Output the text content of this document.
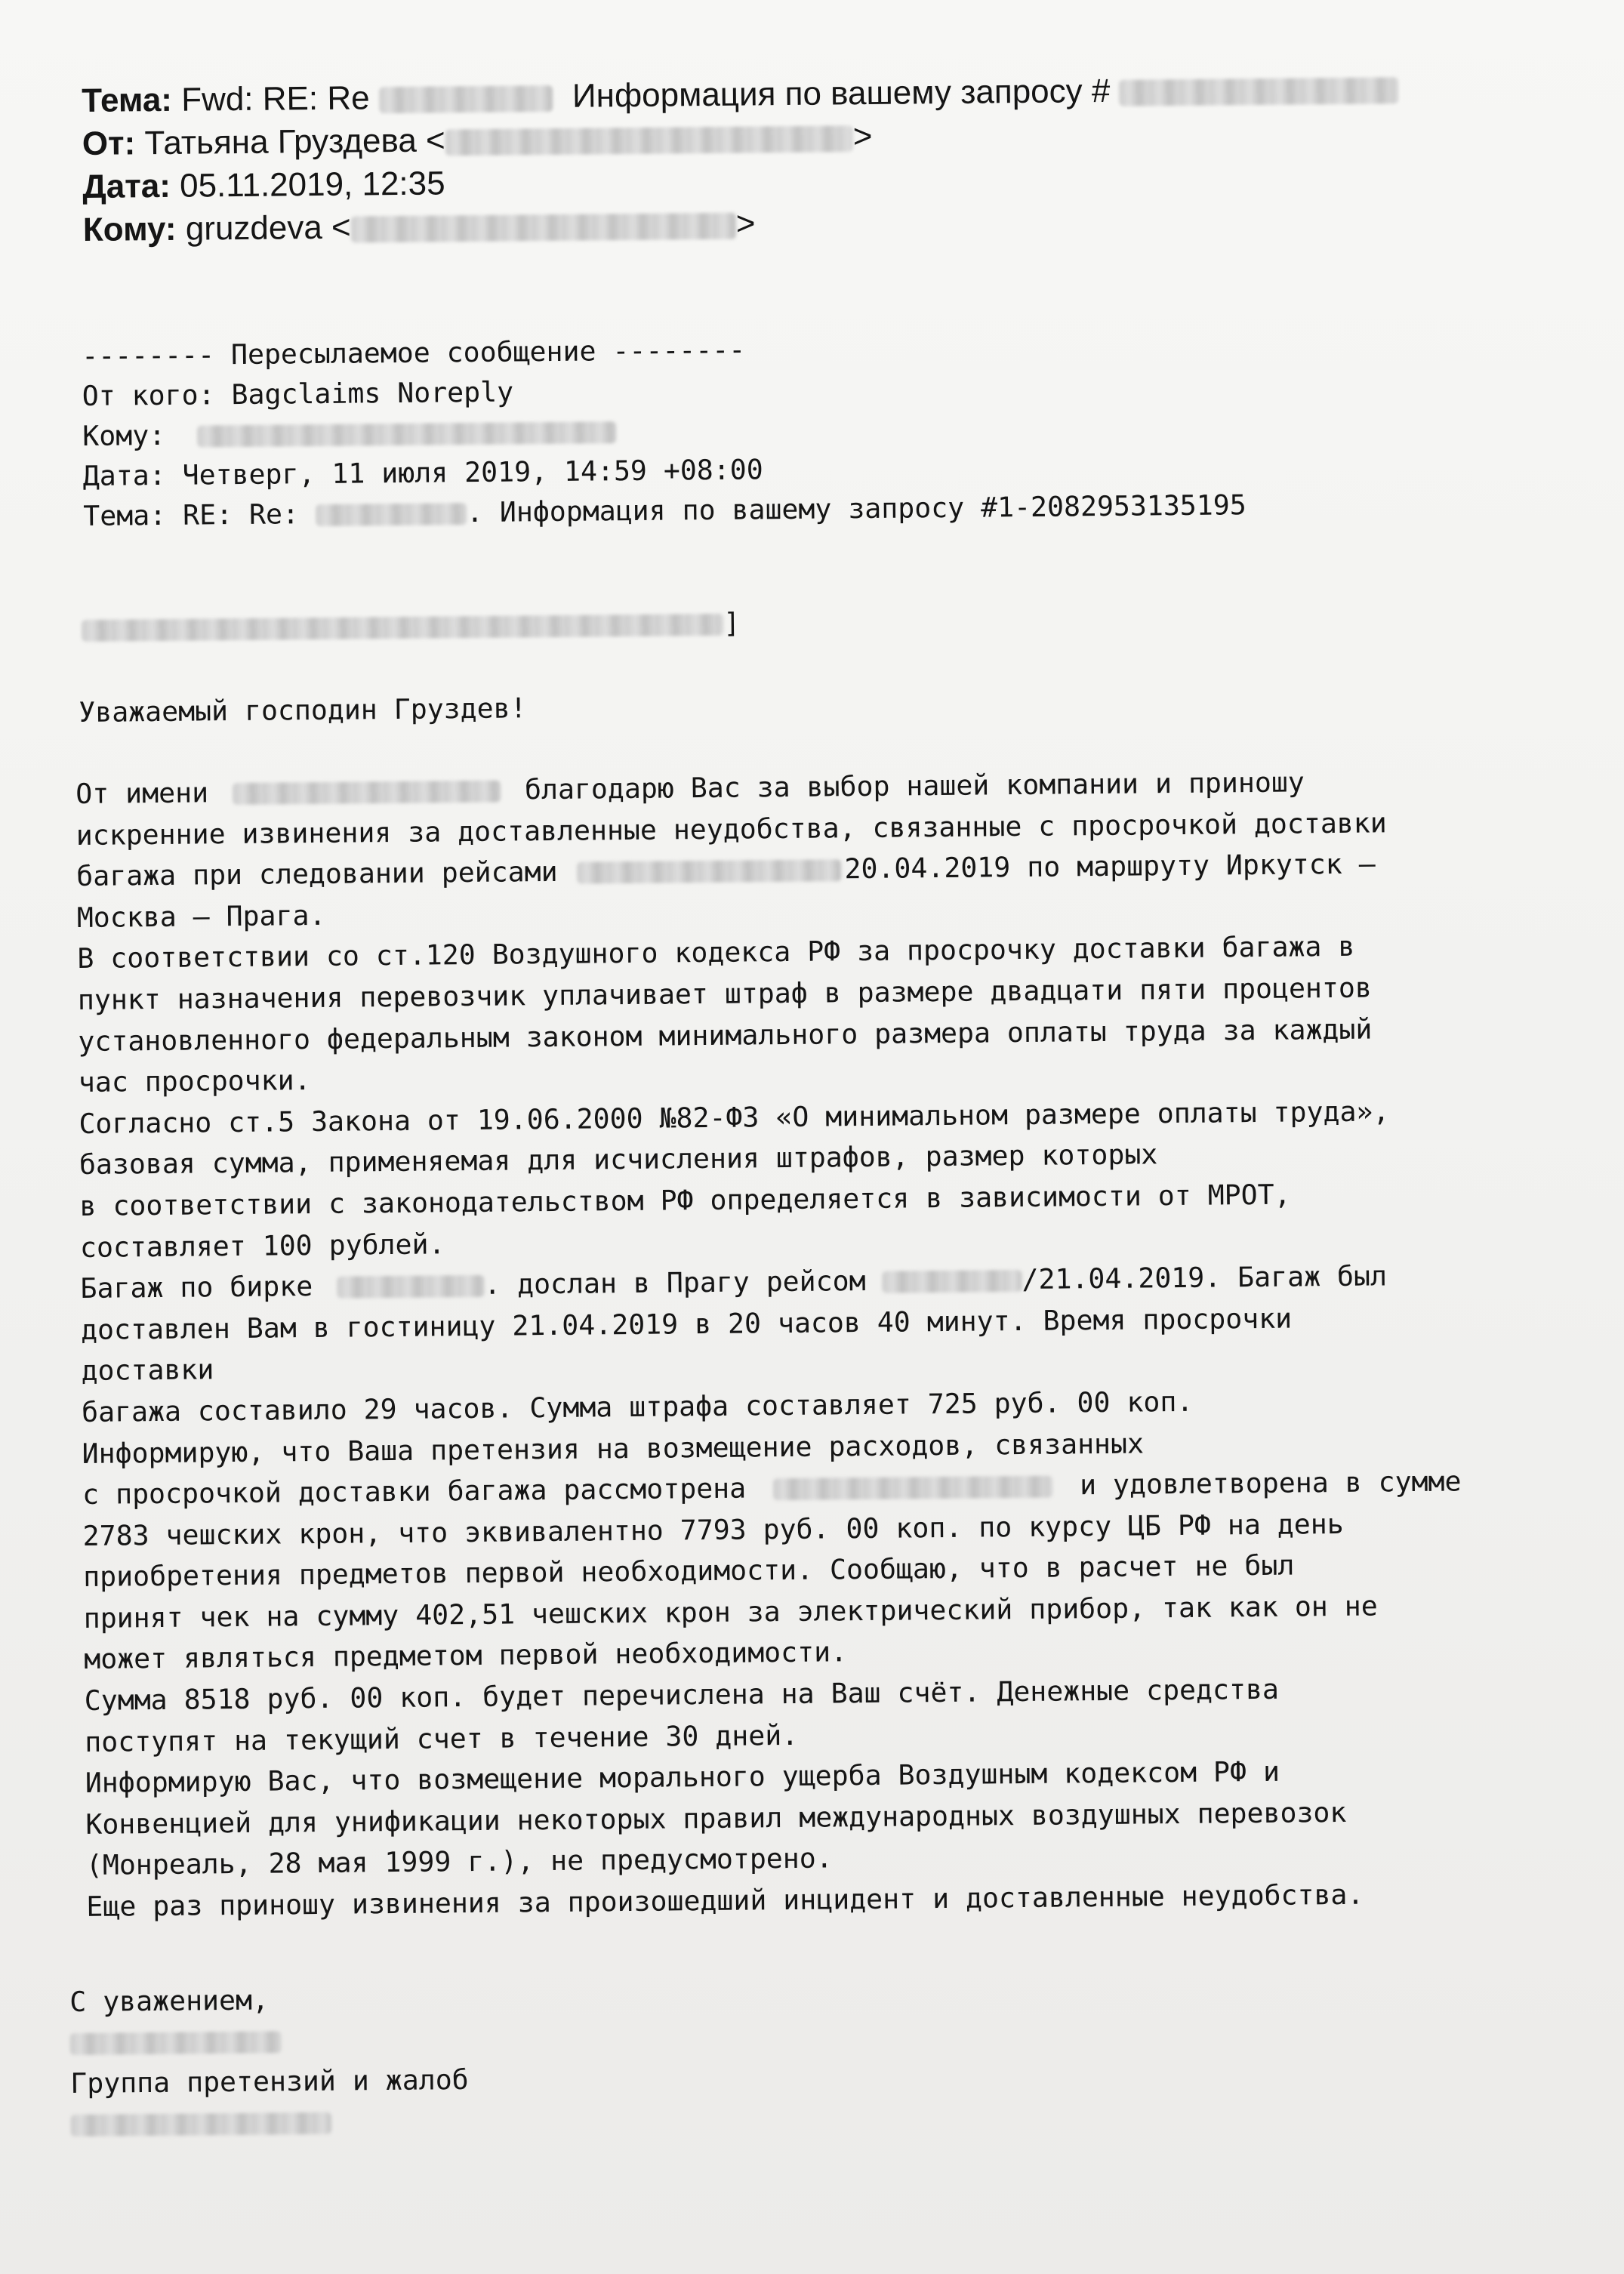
Тема: Fwd: RE: Re	Информация по вашему запросу #
От: Татьяна Груздева <	>
Дата: 05.11.2019, 12:35
Кому: gruzdeva <	>
-------- Пересылаемое сообщение --------
От кого: Bagclaims Noreply
Кому:
Дата: Четверг, 11 июля 2019, 14:59 +08:00
Тема: RE: Re:	. Информация по вашему запросу #1-2082953135195
]
Уважаемый господин Груздев!
От имени	благодарю Вас за выбор нашей компании и приношу
искренние извинения за доставленные неудобства, связанные с просрочкой доставки
багажа при следовании рейсами	20.04.2019 по маршруту Иркутск –
Москва – Прага.
В соответствии со ст.120 Воздушного кодекса РФ за просрочку доставки багажа в
пункт назначения перевозчик уплачивает штраф в размере двадцати пяти процентов
установленного федеральным законом минимального размера оплаты труда за каждый
час просрочки.
Согласно ст.5 Закона от 19.06.2000 №82-ФЗ «О минимальном размере оплаты труда»,
базовая сумма, применяемая для исчисления штрафов, размер которых
в соответствии с законодательством РФ определяется в зависимости от МРОТ,
составляет 100 рублей.
Багаж по бирке	. дослан в Прагу рейсом	/21.04.2019. Багаж был
доставлен Вам в гостиницу 21.04.2019 в 20 часов 40 минут. Время просрочки
доставки
багажа составило 29 часов. Сумма штрафа составляет 725 руб. 00 коп.
Информирую, что Ваша претензия на возмещение расходов, связанных
с просрочкой доставки багажа рассмотрена	и удовлетворена в сумме
2783 чешских крон, что эквивалентно 7793 руб. 00 коп. по курсу ЦБ РФ на день
приобретения предметов первой необходимости. Сообщаю, что в расчет не был
принят чек на сумму 402,51 чешских крон за электрический прибор, так как он не
может являться предметом первой необходимости.
Сумма 8518 руб. 00 коп. будет перечислена на Ваш счёт. Денежные средства
поступят на текущий счет в течение 30 дней.
Информирую Вас, что возмещение морального ущерба Воздушным кодексом РФ и
Конвенцией для унификации некоторых правил международных воздушных перевозок
(Монреаль, 28 мая 1999 г.), не предусмотрено.
Еще раз приношу извинения за произошедший инцидент и доставленные неудобства.
С уважением,
Группа претензий и жалоб
